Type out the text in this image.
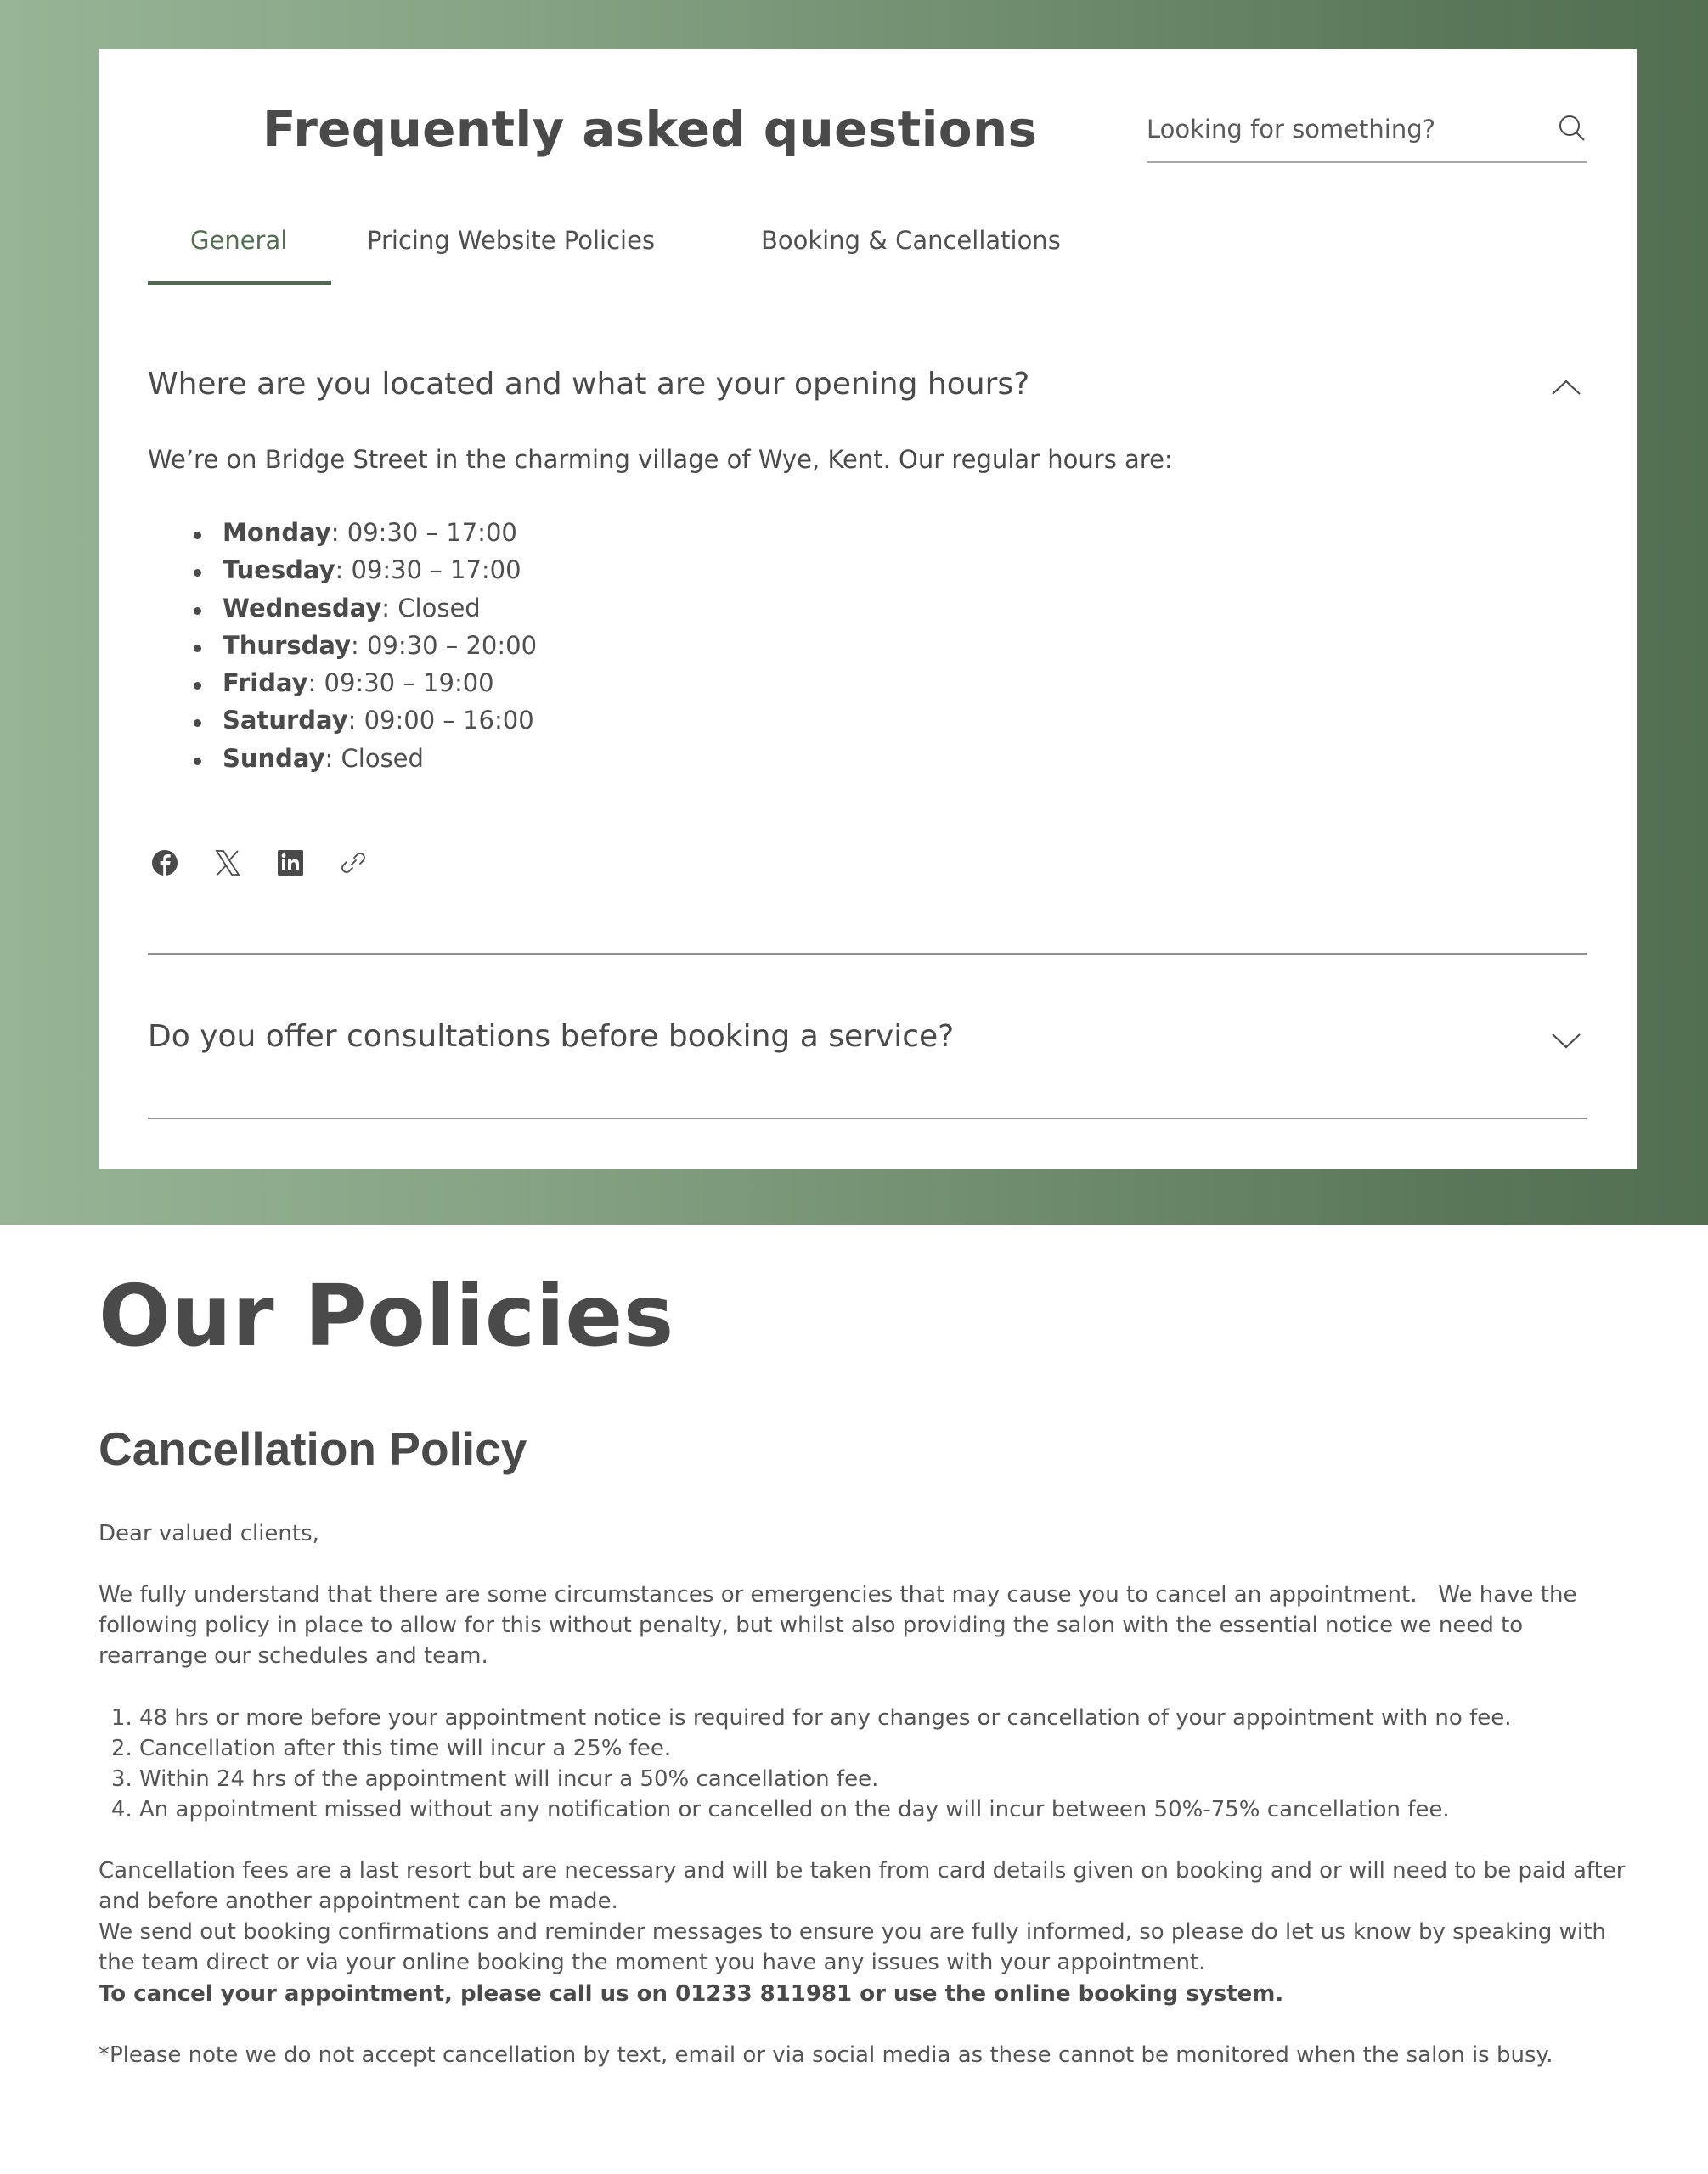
Frequently asked questions
Looking for something?
General	Pricing Website Policies	Booking & Cancellations
Where are you located and what are your opening hours?
We’re on Bridge Street in the charming village of Wye, Kent. Our regular hours are:
Monday: 09:30 – 17:00
Tuesday: 09:30 – 17:00
Wednesday: Closed
Thursday: 09:30 – 20:00
Friday: 09:30 – 19:00
Saturday: 09:00 – 16:00
Sunday: Closed
Do you offer consultations before booking a service?
Our Policies
Cancellation Policy

Dear valued clients,

We fully understand that there are some circumstances or emergencies that may cause you to cancel an appointment.   We have the following policy in place to allow for this without penalty, but whilst also providing the salon with the essential notice we need to rearrange our schedules and team.

1. 48 hrs or more before your appointment notice is required for any changes or cancellation of your appointment with no fee.
2. Cancellation after this time will incur a 25% fee.
3. Within 24 hrs of the appointment will incur a 50% cancellation fee.
4. An appointment missed without any notification or cancelled on the day will incur between 50%-75% cancellation fee.

Cancellation fees are a last resort but are necessary and will be taken from card details given on booking and or will need to be paid after and before another appointment can be made.

We send out booking confirmations and reminder messages to ensure you are fully informed, so please do let us know by speaking with the team direct or via your online booking the moment you have any issues with your appointment.

To cancel your appointment, please call us on 01233 811981 or use the online booking system.

*Please note we do not accept cancellation by text, email or via social media as these cannot be monitored when the salon is busy.
